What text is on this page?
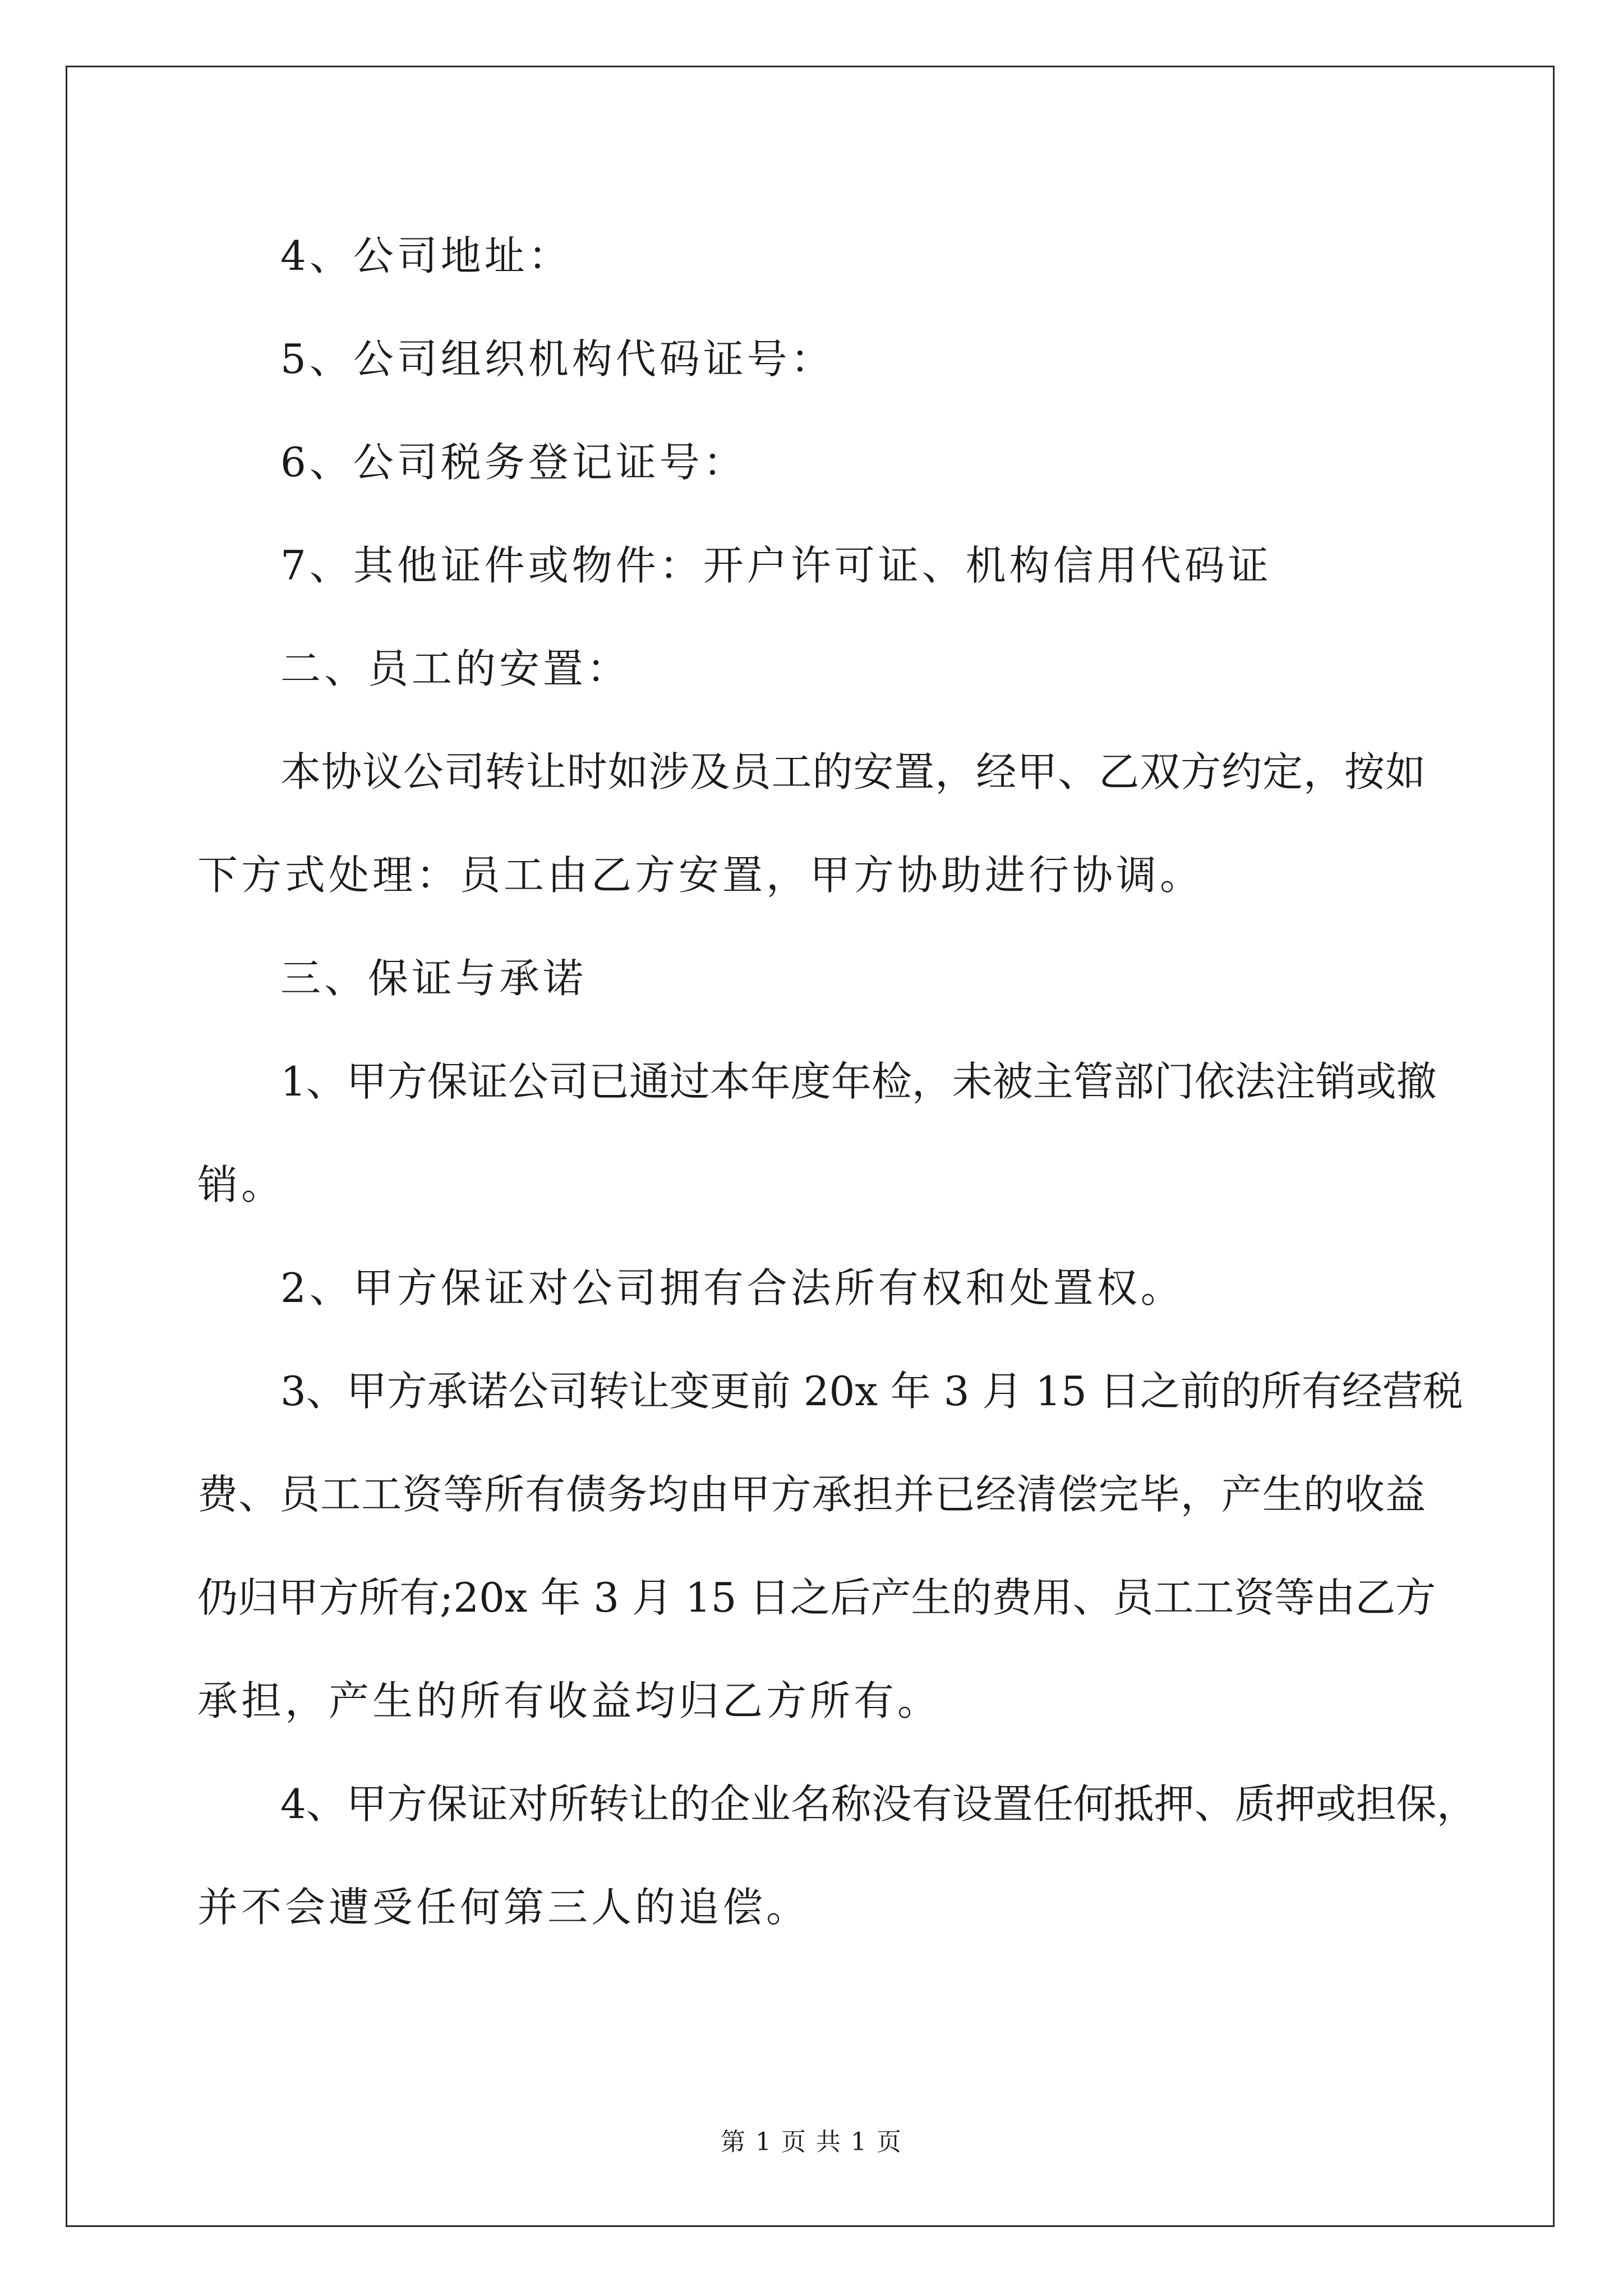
4、公司地址：
5、公司组织机构代码证号：
6、公司税务登记证号：
7、其他证件或物件：开户许可证、机构信用代码证
二、员工的安置：
本协议公司转让时如涉及员工的安置，经甲、乙双方约定，按如
下方式处理：员工由乙方安置，甲方协助进行协调。
三、保证与承诺
1、甲方保证公司已通过本年度年检，未被主管部门依法注销或撤
销。
2、甲方保证对公司拥有合法所有权和处置权。
3、甲方承诺公司转让变更前 20x 年 3 月 15 日之前的所有经营税
费、员工工资等所有债务均由甲方承担并已经清偿完毕，产生的收益
仍归甲方所有;20x 年 3 月 15 日之后产生的费用、员工工资等由乙方
承担，产生的所有收益均归乙方所有。
4、甲方保证对所转让的企业名称没有设置任何抵押、质押或担保，
并不会遭受任何第三人的追偿。
第 1 页 共 1 页
